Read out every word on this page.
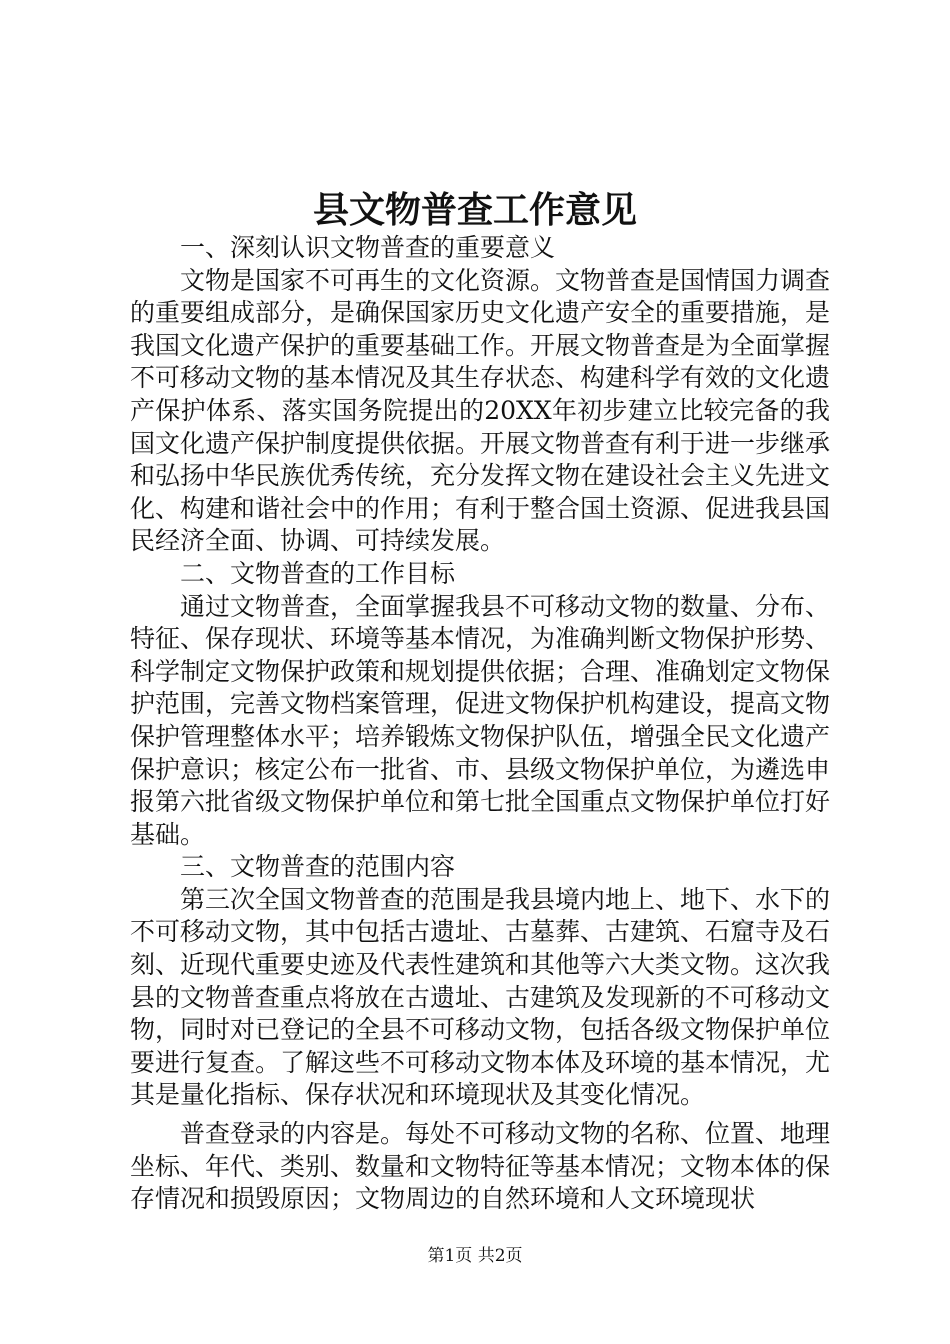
县文物普查工作意见

一、深刻认识文物普查的重要意义

文物是国家不可再生的文化资源。文物普查是国情国力调查的重要组成部分，是确保国家历史文化遗产安全的重要措施，是我国文化遗产保护的重要基础工作。开展文物普查是为全面掌握不可移动文物的基本情况及其生存状态、构建科学有效的文化遗产保护体系、落实国务院提出的20XX年初步建立比较完备的我国文化遗产保护制度提供依据。开展文物普查有利于进一步继承和弘扬中华民族优秀传统，充分发挥文物在建设社会主义先进文化、构建和谐社会中的作用；有利于整合国土资源、促进我县国民经济全面、协调、可持续发展。

二、文物普查的工作目标

通过文物普查，全面掌握我县不可移动文物的数量、分布、特征、保存现状、环境等基本情况，为准确判断文物保护形势、科学制定文物保护政策和规划提供依据；合理、准确划定文物保护范围，完善文物档案管理，促进文物保护机构建设，提高文物保护管理整体水平；培养锻炼文物保护队伍，增强全民文化遗产保护意识；核定公布一批省、市、县级文物保护单位，为遴选申报第六批省级文物保护单位和第七批全国重点文物保护单位打好基础。

三、文物普查的范围内容

第三次全国文物普查的范围是我县境内地上、地下、水下的不可移动文物，其中包括古遗址、古墓葬、古建筑、石窟寺及石刻、近现代重要史迹及代表性建筑和其他等六大类文物。这次我县的文物普查重点将放在古遗址、古建筑及发现新的不可移动文物，同时对已登记的全县不可移动文物，包括各级文物保护单位要进行复查。了解这些不可移动文物本体及环境的基本情况，尤其是量化指标、保存状况和环境现状及其变化情况。

普查登录的内容是。每处不可移动文物的名称、位置、地理坐标、年代、类别、数量和文物特征等基本情况；文物本体的保存情况和损毁原因；文物周边的自然环境和人文环境现状

第1页 共2页
